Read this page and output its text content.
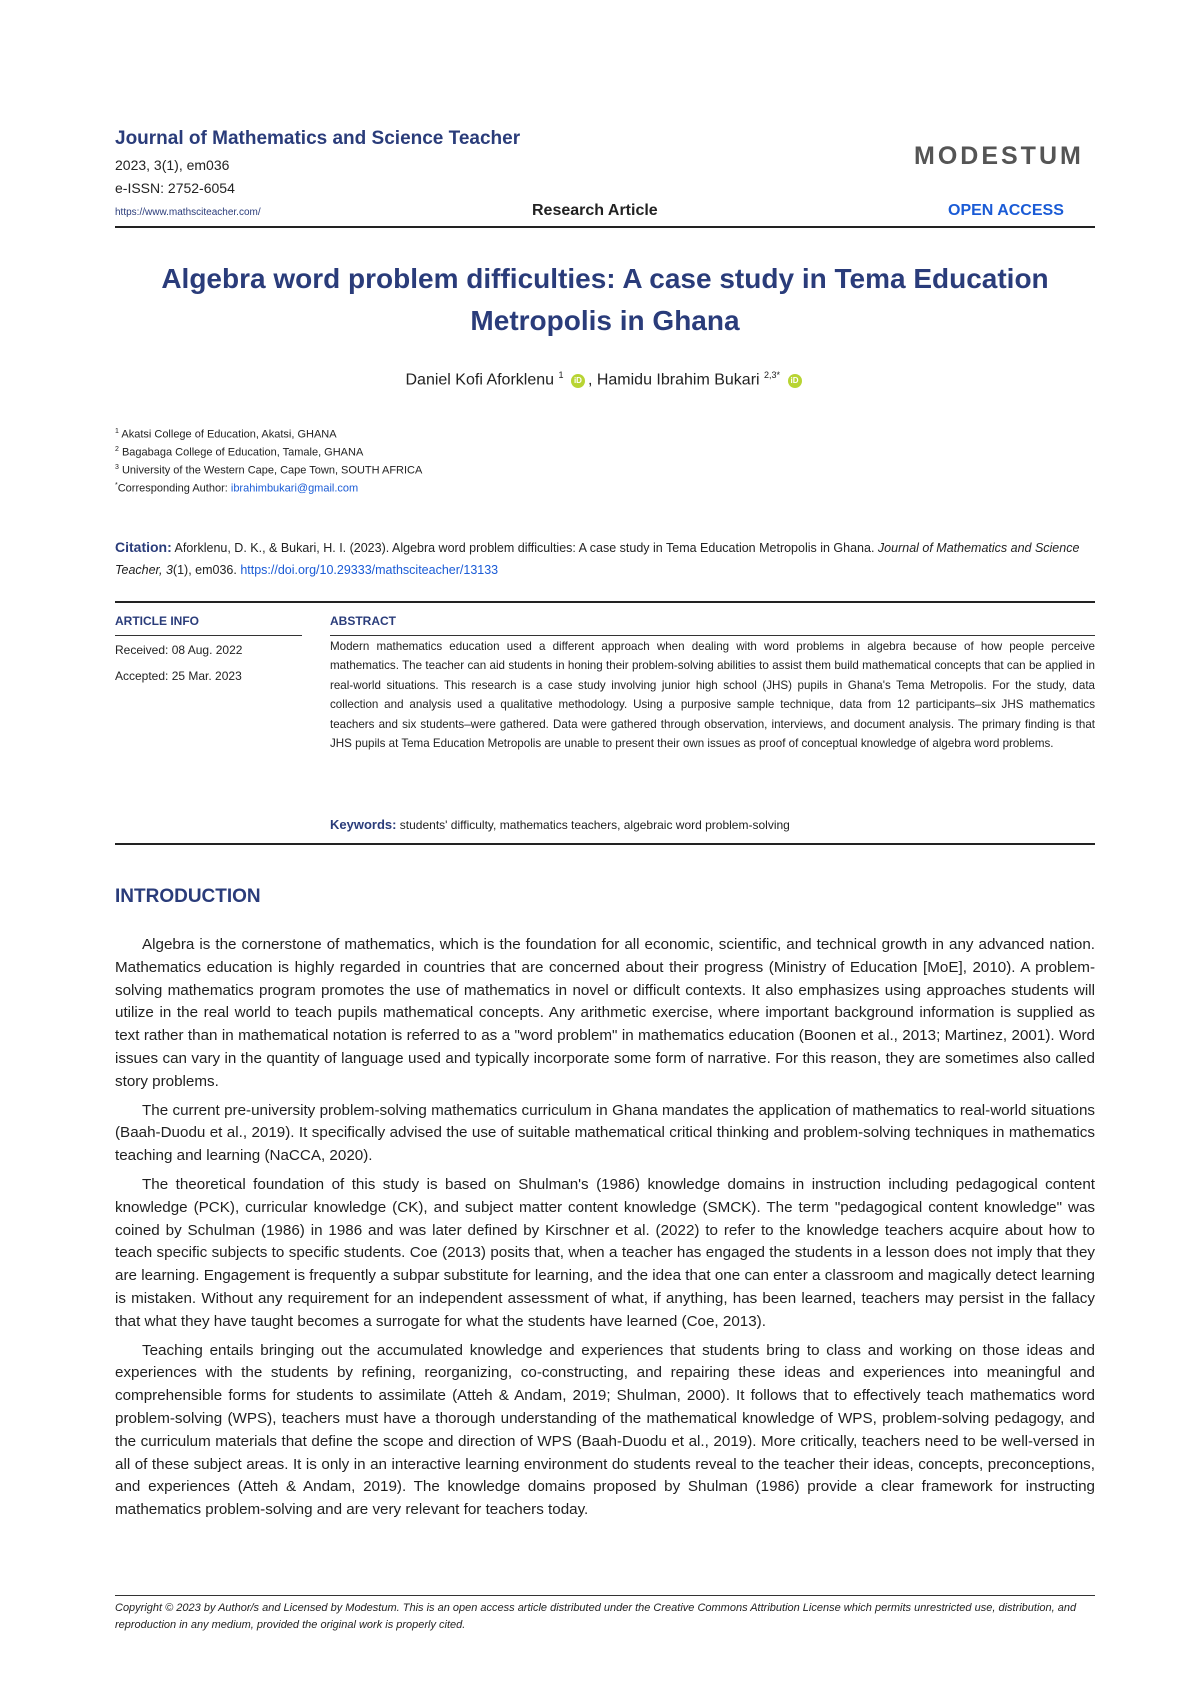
Journal of Mathematics and Science Teacher
2023, 3(1), em036
e-ISSN: 2752-6054
https://www.mathsciteacher.com/	Research Article	OPEN ACCESS
MODESTUM
Algebra word problem difficulties: A case study in Tema Education
Metropolis in Ghana
Daniel Kofi Aforklenu $^1$ iD , Hamidu Ibrahim Bukari $^{2,3*}$ iD
$^1$ Akatsi College of Education, Akatsi, GHANA
$^2$ Bagabaga College of Education, Tamale, GHANA
$^3$ University of the Western Cape, Cape Town, SOUTH AFRICA
*Corresponding Author: ibrahimbukari@gmail.com
Citation: Aforklenu, D. K., & Bukari, H. I. (2023). Algebra word problem difficulties: A case study in Tema Education Metropolis in Ghana. Journal of Mathematics and Science Teacher, 3(1), em036. https://doi.org/10.29333/mathsciteacher/13133
ARTICLE INFO	ABSTRACT
Received: 08 Aug. 2022
Accepted: 25 Mar. 2023
Modern mathematics education used a different approach when dealing with word problems in algebra because of how people perceive mathematics. The teacher can aid students in honing their problem-solving abilities to assist them build mathematical concepts that can be applied in real-world situations. This research is a case study involving junior high school (JHS) pupils in Ghana's Tema Metropolis. For the study, data collection and analysis used a qualitative methodology. Using a purposive sample technique, data from 12 participants–six JHS mathematics teachers and six students–were gathered. Data were gathered through observation, interviews, and document analysis. The primary finding is that JHS pupils at Tema Education Metropolis are unable to present their own issues as proof of conceptual knowledge of algebra word problems.
Keywords: students' difficulty, mathematics teachers, algebraic word problem-solving
INTRODUCTION

Algebra is the cornerstone of mathematics, which is the foundation for all economic, scientific, and technical growth in any advanced nation. Mathematics education is highly regarded in countries that are concerned about their progress (Ministry of Education [MoE], 2010). A problem-solving mathematics program promotes the use of mathematics in novel or difficult contexts. It also emphasizes using approaches students will utilize in the real world to teach pupils mathematical concepts. Any arithmetic exercise, where important background information is supplied as text rather than in mathematical notation is referred to as a "word problem" in mathematics education (Boonen et al., 2013; Martinez, 2001). Word issues can vary in the quantity of language used and typically incorporate some form of narrative. For this reason, they are sometimes also called story problems.

The current pre-university problem-solving mathematics curriculum in Ghana mandates the application of mathematics to real-world situations (Baah-Duodu et al., 2019). It specifically advised the use of suitable mathematical critical thinking and problem-solving techniques in mathematics teaching and learning (NaCCA, 2020).

The theoretical foundation of this study is based on Shulman's (1986) knowledge domains in instruction including pedagogical content knowledge (PCK), curricular knowledge (CK), and subject matter content knowledge (SMCK). The term "pedagogical content knowledge" was coined by Schulman (1986) in 1986 and was later defined by Kirschner et al. (2022) to refer to the knowledge teachers acquire about how to teach specific subjects to specific students. Coe (2013) posits that, when a teacher has engaged the students in a lesson does not imply that they are learning. Engagement is frequently a subpar substitute for learning, and the idea that one can enter a classroom and magically detect learning is mistaken. Without any requirement for an independent assessment of what, if anything, has been learned, teachers may persist in the fallacy that what they have taught becomes a surrogate for what the students have learned (Coe, 2013).

Teaching entails bringing out the accumulated knowledge and experiences that students bring to class and working on those ideas and experiences with the students by refining, reorganizing, co-constructing, and repairing these ideas and experiences into meaningful and comprehensible forms for students to assimilate (Atteh & Andam, 2019; Shulman, 2000). It follows that to effectively teach mathematics word problem-solving (WPS), teachers must have a thorough understanding of the mathematical knowledge of WPS, problem-solving pedagogy, and the curriculum materials that define the scope and direction of WPS (Baah-Duodu et al., 2019). More critically, teachers need to be well-versed in all of these subject areas. It is only in an interactive learning environment do students reveal to the teacher their ideas, concepts, preconceptions, and experiences (Atteh & Andam, 2019). The knowledge domains proposed by Shulman (1986) provide a clear framework for instructing mathematics problem-solving and are very relevant for teachers today.

Copyright © 2023 by Author/s and Licensed by Modestum. This is an open access article distributed under the Creative Commons Attribution License which permits unrestricted use, distribution, and reproduction in any medium, provided the original work is properly cited.
